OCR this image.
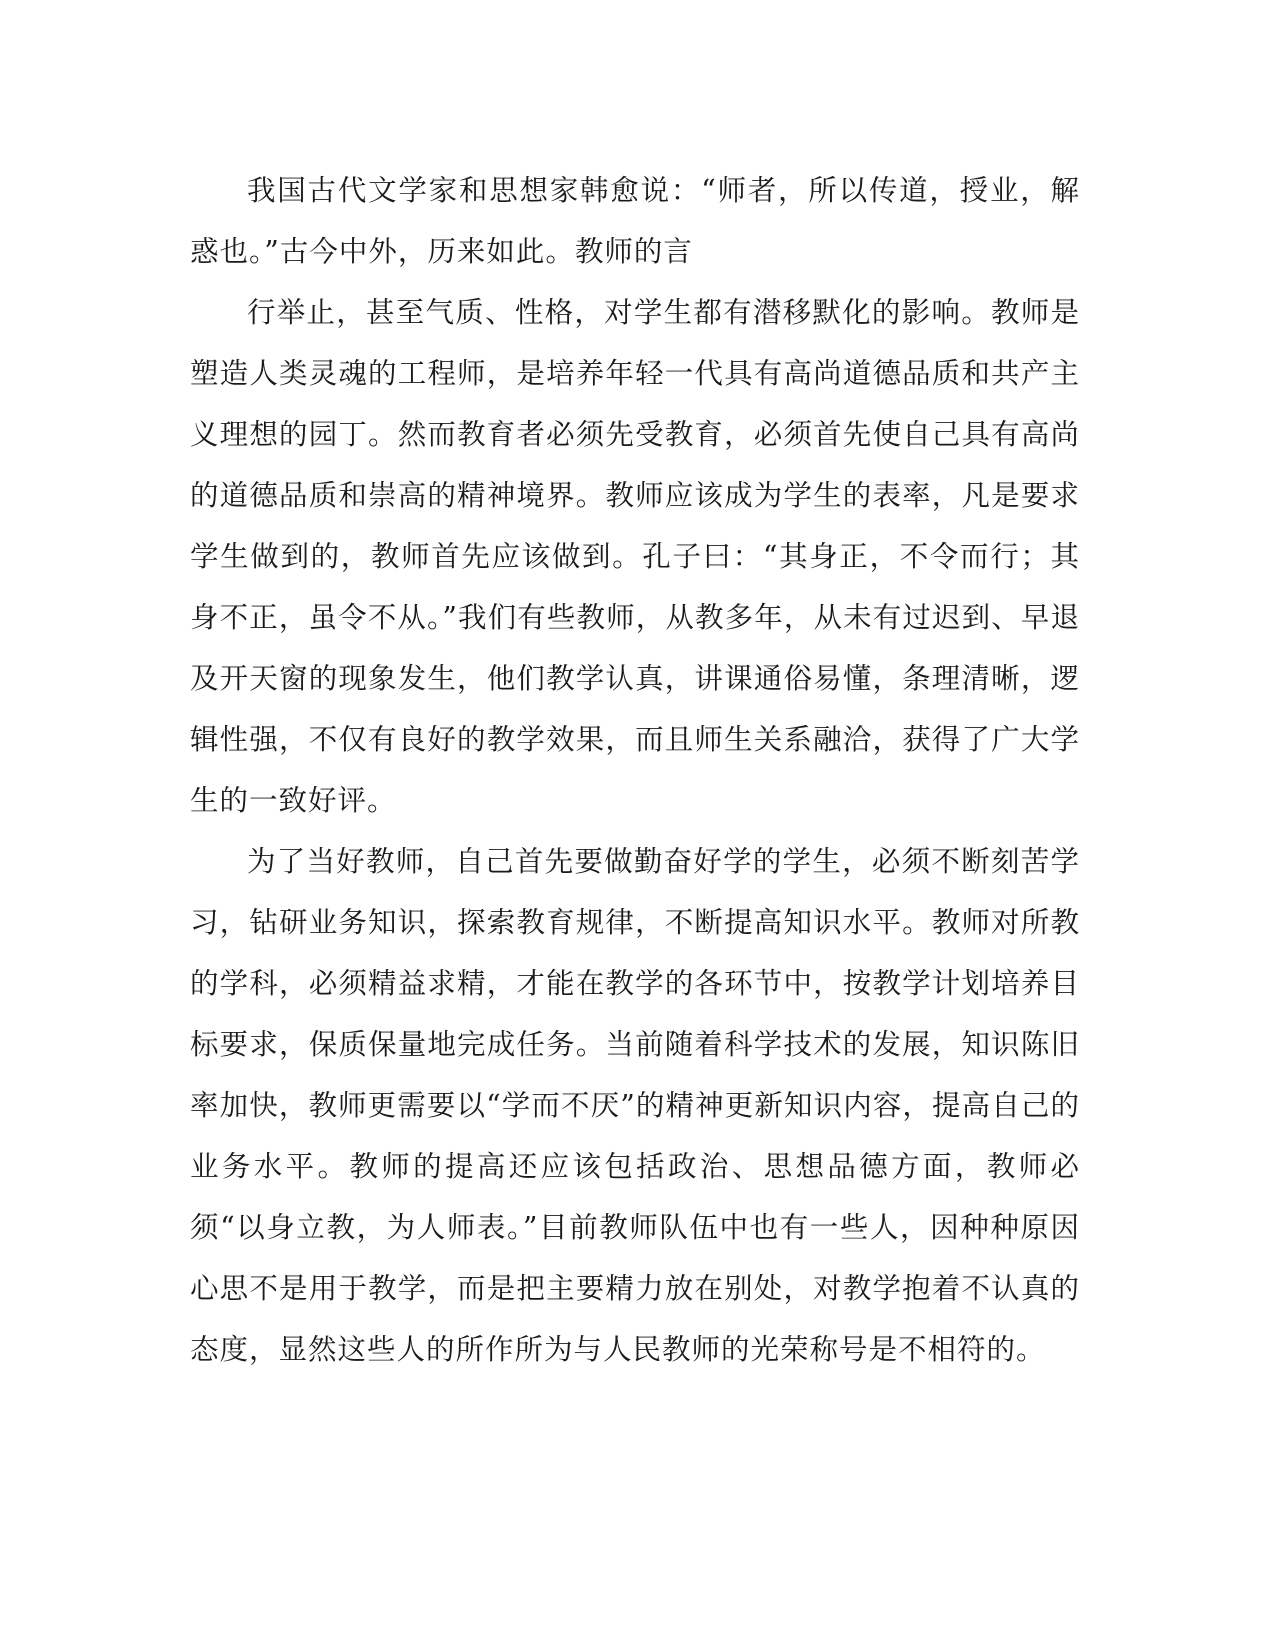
我国古代文学家和思想家韩愈说：“师者，所以传道，授业，解惑也。”古今中外，历来如此。教师的言

行举止，甚至气质、性格，对学生都有潜移默化的影响。教师是塑造人类灵魂的工程师，是培养年轻一代具有高尚道德品质和共产主义理想的园丁。然而教育者必须先受教育，必须首先使自己具有高尚的道德品质和崇高的精神境界。教师应该成为学生的表率，凡是要求学生做到的，教师首先应该做到。孔子曰：“其身正，不令而行；其身不正，虽令不从。”我们有些教师，从教多年，从未有过迟到、早退及开天窗的现象发生，他们教学认真，讲课通俗易懂，条理清晰，逻辑性强，不仅有良好的教学效果，而且师生关系融洽，获得了广大学生的一致好评。

为了当好教师，自己首先要做勤奋好学的学生，必须不断刻苦学习，钻研业务知识，探索教育规律，不断提高知识水平。教师对所教的学科，必须精益求精，才能在教学的各环节中，按教学计划培养目标要求，保质保量地完成任务。当前随着科学技术的发展，知识陈旧率加快，教师更需要以“学而不厌”的精神更新知识内容，提高自己的业务水平。教师的提高还应该包括政治、思想品德方面，教师必须“以身立教，为人师表。”目前教师队伍中也有一些人，因种种原因心思不是用于教学，而是把主要精力放在别处，对教学抱着不认真的态度，显然这些人的所作所为与人民教师的光荣称号是不相符的。
